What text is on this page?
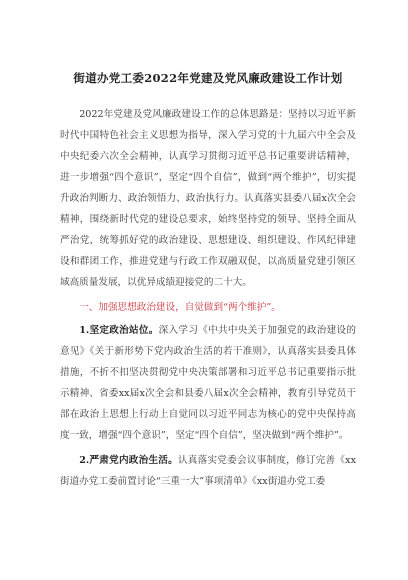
街道办党工委2022年党建及党风廉政建设工作计划

2022年党建及党风廉政建设工作的总体思路是：坚持以习近平新时代中国特色社会主义思想为指导，深入学习党的十九届六中全会及中央纪委六次全会精神，认真学习贯彻习近平总书记重要讲话精神，进一步增强“四个意识”，坚定“四个自信”，做到“两个维护”，切实提升政治判断力、政治领悟力、政治执行力。认真落实县委八届x次全会精神，围绕新时代党的建设总要求，始终坚持党的领导、坚持全面从严治党，统筹抓好党的政治建设、思想建设、组织建设、作风纪律建设和群团工作，推进党建与行政工作双融双促，以高质量党建引领区域高质量发展，以优异成绩迎接党的二十大。

一、加强思想政治建设，自觉做到“两个维护”。

1.坚定政治站位。深入学习《中共中央关于加强党的政治建设的意见》《关于新形势下党内政治生活的若干准则》，认真落实县委具体措施，不折不扣坚决贯彻党中央决策部署和习近平总书记重要指示批示精神、省委xx届x次全会和县委八届x次全会精神，教育引导党员干部在政治上思想上行动上自觉同以习近平同志为核心的党中央保持高度一致，增强“四个意识”，坚定“四个自信”，坚决做到“两个维护”。

2.严肃党内政治生活。认真落实党委会议事制度，修订完善《xx街道办党工委前置讨论“三重一大”事项清单》《xx街道办党工委
